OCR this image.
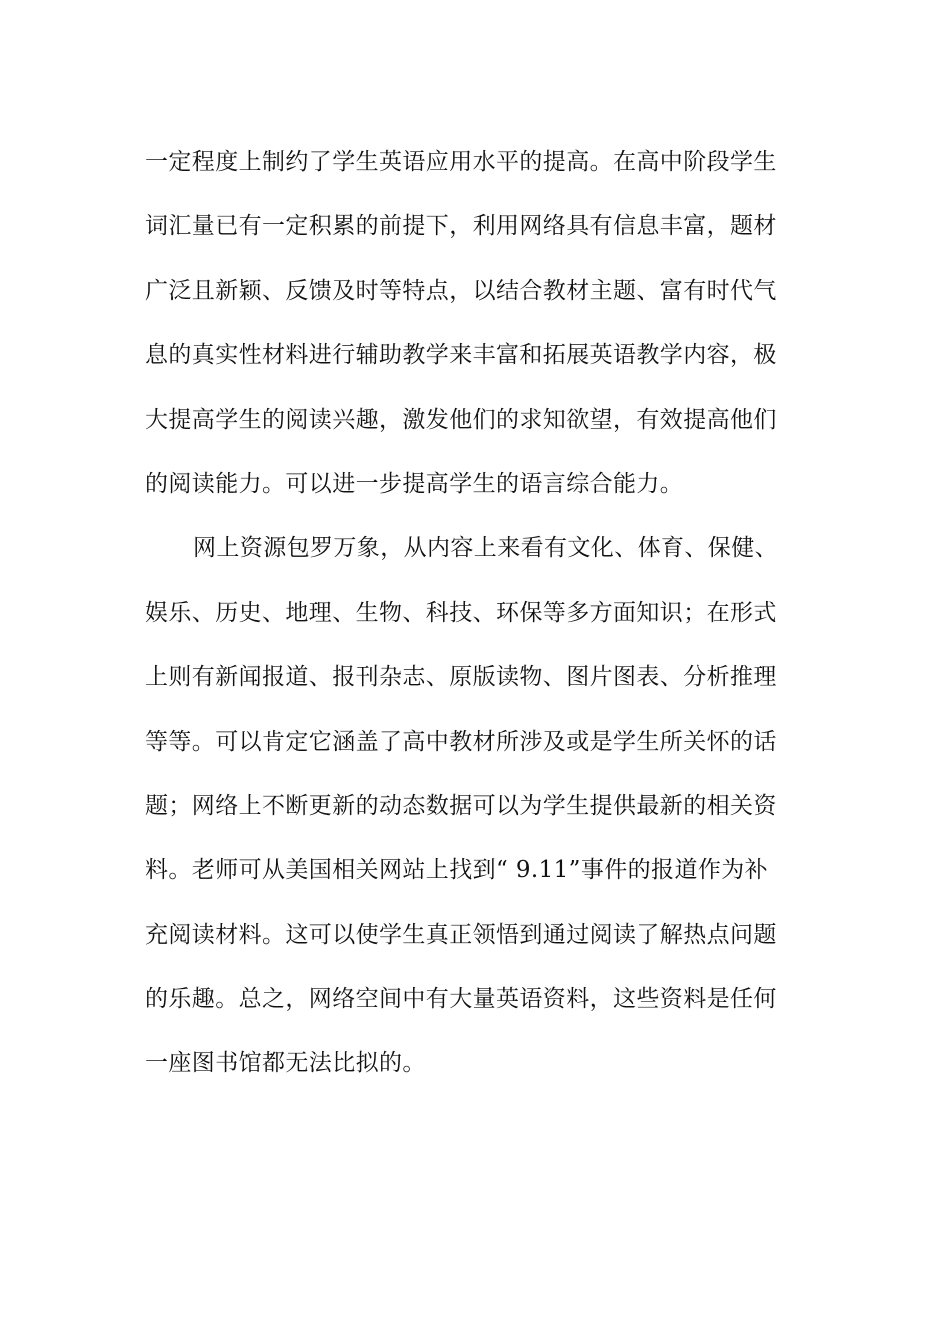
一定程度上制约了学生英语应用水平的提高。在高中阶段学生
词汇量已有一定积累的前提下，利用网络具有信息丰富，题材
广泛且新颖、反馈及时等特点，以结合教材主题、富有时代气
息的真实性材料进行辅助教学来丰富和拓展英语教学内容，极
大提高学生的阅读兴趣，激发他们的求知欲望，有效提高他们
的阅读能力。可以进一步提高学生的语言综合能力。
网上资源包罗万象，从内容上来看有文化、体育、保健、
娱乐、历史、地理、生物、科技、环保等多方面知识；在形式
上则有新闻报道、报刊杂志、原版读物、图片图表、分析推理
等等。可以肯定它涵盖了高中教材所涉及或是学生所关怀的话
题；网络上不断更新的动态数据可以为学生提供最新的相关资
料。老师可从美国相关网站上找到“ 9.11”事件的报道作为补
充阅读材料。这可以使学生真正领悟到通过阅读了解热点问题
的乐趣。总之，网络空间中有大量英语资料，这些资料是任何
一座图书馆都无法比拟的。
